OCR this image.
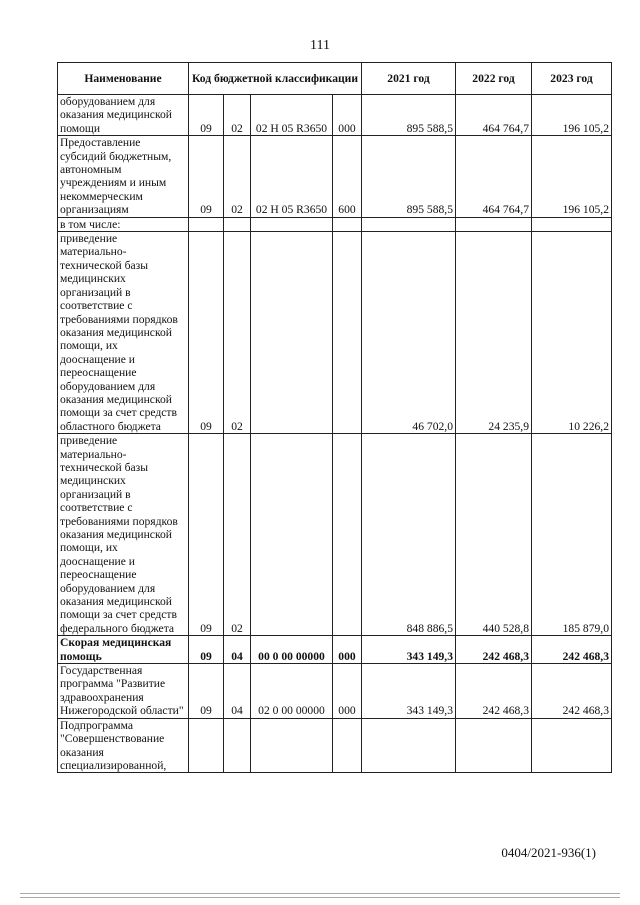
111
Наименование	Код бюджетной классификации				2021 год	2022 год	2023 год
оборудованием для оказания медицинской помощи	09	02	02 Н 05 R3650	000	895 588,5	464 764,7	196 105,2
Предоставление субсидий бюджетным, автономным учреждениям и иным некоммерческим организациям	09	02	02 Н 05 R3650	600	895 588,5	464 764,7	196 105,2
в том числе:							
приведение материально-технической базы медицинских организаций в соответствие с требованиями порядков оказания медицинской помощи, их дооснащение и переоснащение оборудованием для оказания медицинской помощи за счет средств областного бюджета	09	02			46 702,0	24 235,9	10 226,2
приведение материально-технической базы медицинских организаций в соответствие с требованиями порядков оказания медицинской помощи, их дооснащение и переоснащение оборудованием для оказания медицинской помощи за счет средств федерального бюджета	09	02			848 886,5	440 528,8	185 879,0
Скорая медицинская помощь	09	04	00 0 00 00000	000	343 149,3	242 468,3	242 468,3
Государственная программа "Развитие здравоохранения Нижегородской области"	09	04	02 0 00 00000	000	343 149,3	242 468,3	242 468,3
Подпрограмма "Совершенствование оказания специализированной,							
0404/2021-936(1)
